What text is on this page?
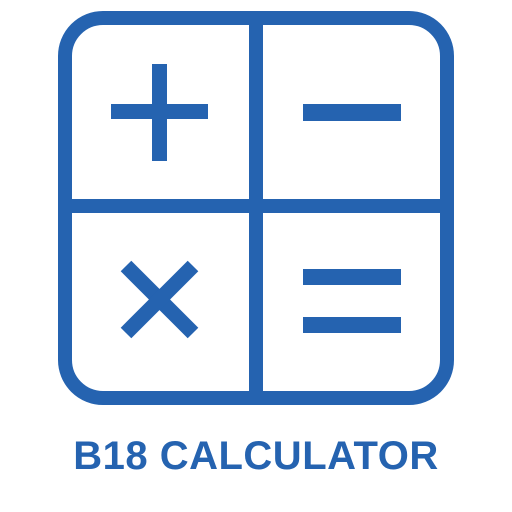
B18 CALCULATOR
